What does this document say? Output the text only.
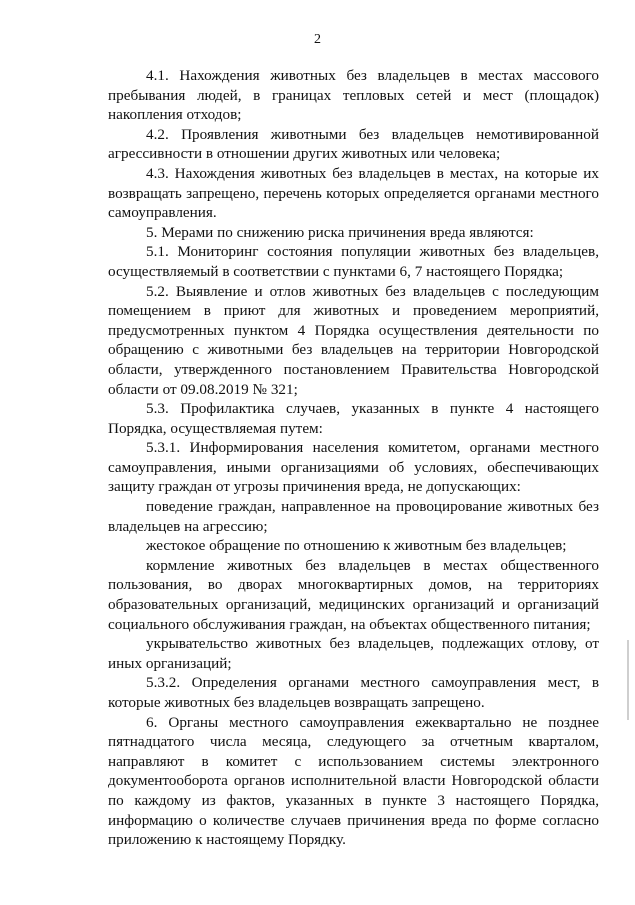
2

4.1. Нахождения животных без владельцев в местах массового пребывания людей, в границах тепловых сетей и мест (площадок) накопления отходов;

4.2. Проявления животными без владельцев немотивированной агрессивности в отношении других животных или человека;

4.3. Нахождения животных без владельцев в местах, на которые их возвращать запрещено, перечень которых определяется органами местного самоуправления.

5. Мерами по снижению риска причинения вреда являются:

5.1. Мониторинг состояния популяции животных без владельцев, осуществляемый в соответствии с пунктами 6, 7 настоящего Порядка;

5.2. Выявление и отлов животных без владельцев с последующим помещением в приют для животных и проведением мероприятий, предусмотренных пунктом 4 Порядка осуществления деятельности по обращению с животными без владельцев на территории Новгородской области, утвержденного постановлением Правительства Новгородской области от 09.08.2019 № 321;

5.3. Профилактика случаев, указанных в пункте 4 настоящего Порядка, осуществляемая путем:

5.3.1. Информирования населения комитетом, органами местного самоуправления, иными организациями об условиях, обеспечивающих защиту граждан от угрозы причинения вреда, не допускающих:

поведение граждан, направленное на провоцирование животных без владельцев на агрессию;

жестокое обращение по отношению к животным без владельцев;

кормление животных без владельцев в местах общественного пользования, во дворах многоквартирных домов, на территориях образовательных организаций, медицинских организаций и организаций социального обслуживания граждан, на объектах общественного питания;

укрывательство животных без владельцев, подлежащих отлову, от иных организаций;

5.3.2. Определения органами местного самоуправления мест, в которые животных без владельцев возвращать запрещено.

6. Органы местного самоуправления ежеквартально не позднее пятнадцатого числа месяца, следующего за отчетным кварталом, направляют в комитет с использованием системы электронного документооборота органов исполнительной власти Новгородской области по каждому из фактов, указанных в пункте 3 настоящего Порядка, информацию о количестве случаев причинения вреда по форме согласно приложению к настоящему Порядку.
